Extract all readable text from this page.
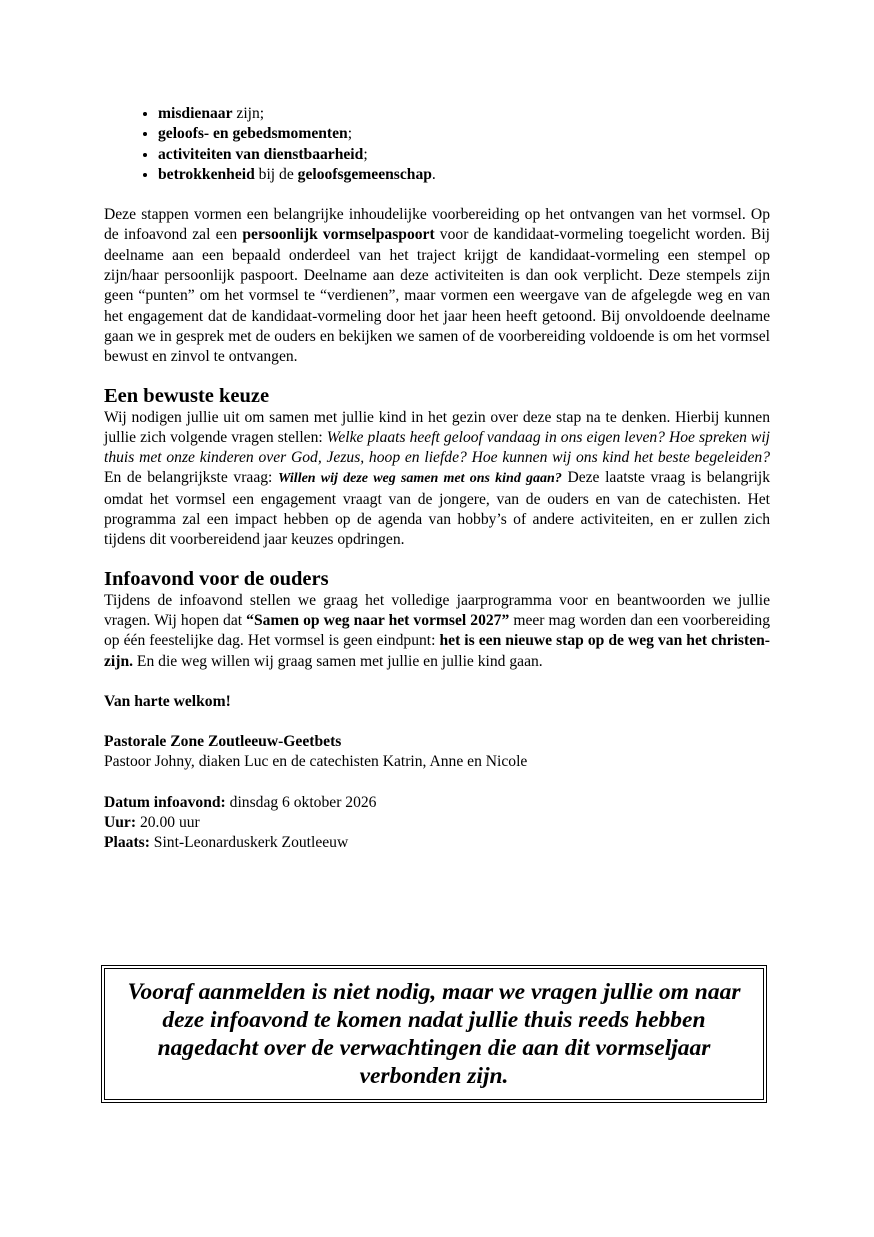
• misdienaar zijn;
• geloofs- en gebedsmomenten;
• activiteiten van dienstbaarheid;
• betrokkenheid bij de geloofsgemeenschap.

Deze stappen vormen een belangrijke inhoudelijke voorbereiding op het ontvangen van het vormsel. Op de infoavond zal een persoonlijk vormselpaspoort voor de kandidaat-vormeling toegelicht worden. Bij deelname aan een bepaald onderdeel van het traject krijgt de kandidaat-vormeling een stempel op zijn/haar persoonlijk paspoort. Deelname aan deze activiteiten is dan ook verplicht. Deze stempels zijn geen “punten” om het vormsel te “verdienen”, maar vormen een weergave van de afgelegde weg en van het engagement dat de kandidaat-vormeling door het jaar heen heeft getoond. Bij onvoldoende deelname gaan we in gesprek met de ouders en bekijken we samen of de voorbereiding voldoende is om het vormsel bewust en zinvol te ontvangen.

Een bewuste keuze

Wij nodigen jullie uit om samen met jullie kind in het gezin over deze stap na te denken. Hierbij kunnen jullie zich volgende vragen stellen: Welke plaats heeft geloof vandaag in ons eigen leven? Hoe spreken wij thuis met onze kinderen over God, Jezus, hoop en liefde? Hoe kunnen wij ons kind het beste begeleiden? En de belangrijkste vraag: Willen wij deze weg samen met ons kind gaan? Deze laatste vraag is belangrijk omdat het vormsel een engagement vraagt van de jongere, van de ouders en van de catechisten. Het programma zal een impact hebben op de agenda van hobby’s of andere activiteiten, en er zullen zich tijdens dit voorbereidend jaar keuzes opdringen.

Infoavond voor de ouders

Tijdens de infoavond stellen we graag het volledige jaarprogramma voor en beantwoorden we jullie vragen. Wij hopen dat “Samen op weg naar het vormsel 2027” meer mag worden dan een voorbereiding op één feestelijke dag. Het vormsel is geen eindpunt: het is een nieuwe stap op de weg van het christen-zijn. En die weg willen wij graag samen met jullie en jullie kind gaan.

Van harte welkom!

Pastorale Zone Zoutleeuw-Geetbets

Pastoor Johny, diaken Luc en de catechisten Katrin, Anne en Nicole

Datum infoavond: dinsdag 6 oktober 2026

Uur: 20.00 uur

Plaats: Sint-Leonarduskerk Zoutleeuw

Vooraf aanmelden is niet nodig, maar we vragen jullie om naar deze infoavond te komen nadat jullie thuis reeds hebben nagedacht over de verwachtingen die aan dit vormseljaar verbonden zijn.
